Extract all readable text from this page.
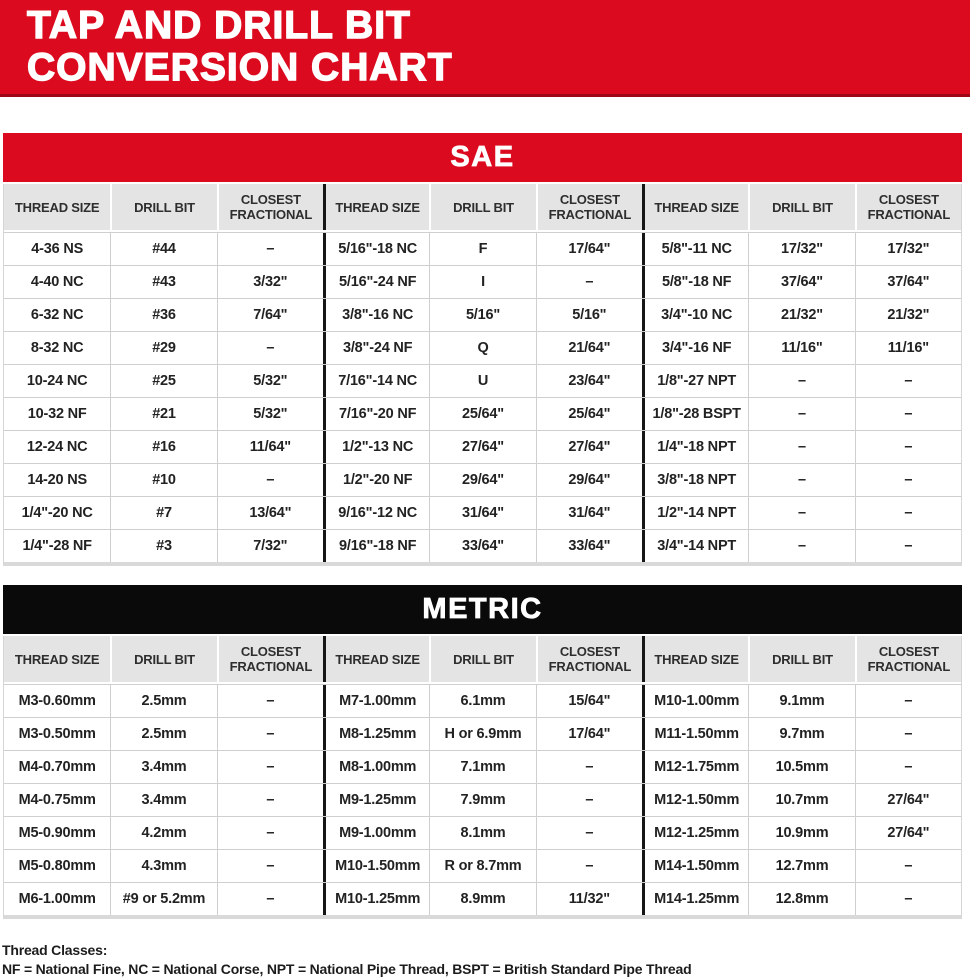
TAP AND DRILL BIT
CONVERSION CHART
SAE
THREAD SIZE	DRILL BIT	CLOSEST FRACTIONAL	THREAD SIZE	DRILL BIT	CLOSEST FRACTIONAL	THREAD SIZE	DRILL BIT	CLOSEST FRACTIONAL
4-36 NS	#44	–	5/16"-18 NC	F	17/64"	5/8"-11 NC	17/32"	17/32"
4-40 NC	#43	3/32"	5/16"-24 NF	I	–	5/8"-18 NF	37/64"	37/64"
6-32 NC	#36	7/64"	3/8"-16 NC	5/16"	5/16"	3/4"-10 NC	21/32"	21/32"
8-32 NC	#29	–	3/8"-24 NF	Q	21/64"	3/4"-16 NF	11/16"	11/16"
10-24 NC	#25	5/32"	7/16"-14 NC	U	23/64"	1/8"-27 NPT	–	–
10-32 NF	#21	5/32"	7/16"-20 NF	25/64"	25/64"	1/8"-28 BSPT	–	–
12-24 NC	#16	11/64"	1/2"-13 NC	27/64"	27/64"	1/4"-18 NPT	–	–
14-20 NS	#10	–	1/2"-20 NF	29/64"	29/64"	3/8"-18 NPT	–	–
1/4"-20 NC	#7	13/64"	9/16"-12 NC	31/64"	31/64"	1/2"-14 NPT	–	–
1/4"-28 NF	#3	7/32"	9/16"-18 NF	33/64"	33/64"	3/4"-14 NPT	–	–
METRIC
THREAD SIZE	DRILL BIT	CLOSEST FRACTIONAL	THREAD SIZE	DRILL BIT	CLOSEST FRACTIONAL	THREAD SIZE	DRILL BIT	CLOSEST FRACTIONAL
M3-0.60mm	2.5mm	–	M7-1.00mm	6.1mm	15/64"	M10-1.00mm	9.1mm	–
M3-0.50mm	2.5mm	–	M8-1.25mm	H or 6.9mm	17/64"	M11-1.50mm	9.7mm	–
M4-0.70mm	3.4mm	–	M8-1.00mm	7.1mm	–	M12-1.75mm	10.5mm	–
M4-0.75mm	3.4mm	–	M9-1.25mm	7.9mm	–	M12-1.50mm	10.7mm	27/64"
M5-0.90mm	4.2mm	–	M9-1.00mm	8.1mm	–	M12-1.25mm	10.9mm	27/64"
M5-0.80mm	4.3mm	–	M10-1.50mm	R or 8.7mm	–	M14-1.50mm	12.7mm	–
M6-1.00mm	#9 or 5.2mm	–	M10-1.25mm	8.9mm	11/32"	M14-1.25mm	12.8mm	–
Thread Classes:
NF = National Fine, NC = National Corse, NPT = National Pipe Thread, BSPT = British Standard Pipe Thread
